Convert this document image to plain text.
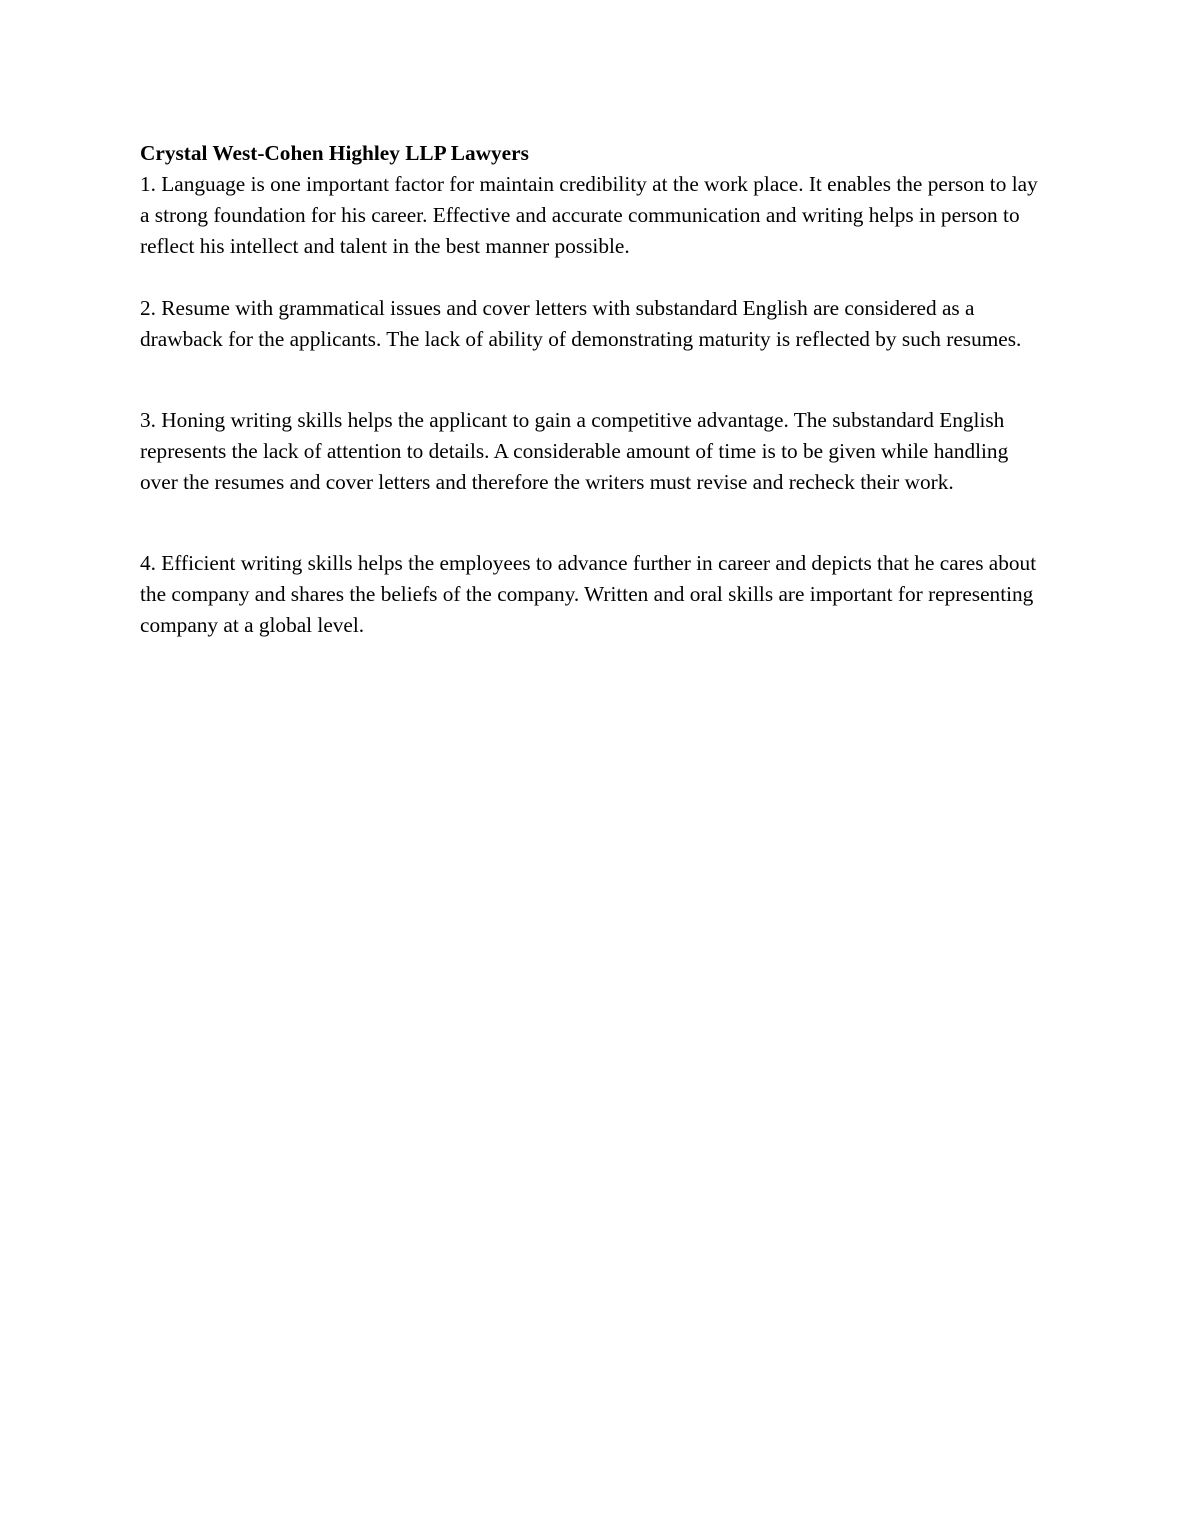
Crystal West-Cohen Highley LLP Lawyers

1. Language is one important factor for maintain credibility at the work place. It enables the person to lay a strong foundation for his career. Effective and accurate communication and writing helps in person to reflect his intellect and talent in the best manner possible.

2. Resume with grammatical issues and cover letters with substandard English are considered as a drawback for the applicants. The lack of ability of demonstrating maturity is reflected by such resumes.

3. Honing writing skills helps the applicant to gain a competitive advantage. The substandard English represents the lack of attention to details. A considerable amount of time is to be given while handling over the resumes and cover letters and therefore the writers must revise and recheck their work.

4. Efficient writing skills helps the employees to advance further in career and depicts that he cares about the company and shares the beliefs of the company. Written and oral skills are important for representing company at a global level.
